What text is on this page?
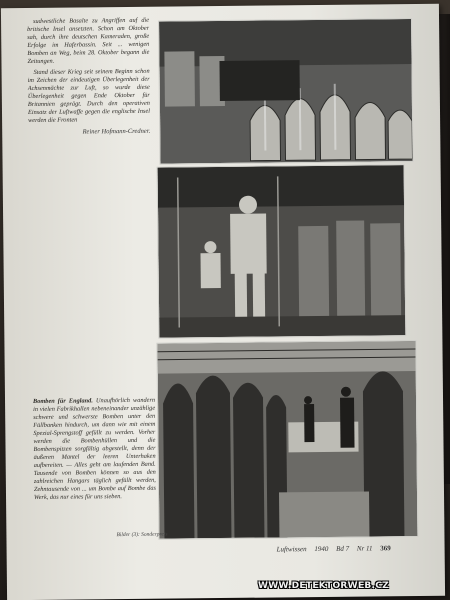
sudwestliche Basalte zu Angriffen auf die britische Insel ansetzten. Schon am Oktober sah, durch ihre deutschen Kameraden, große Erfolge im Haferbassin. Seit ... wenigen Bomben an Weg, beim 28. Oktober begann die Zeitungen.

Stand dieser Krieg seit seinem Beginn schon im Zeichen der eindeutigen Überlegenheit der Achsenmächte zur Luft, so wurde diese Überlegenheit gegen Ende Oktober für Britannien geprägt. Durch den operativen Einsatz der Luftwaffe gegen die englische Insel werden die Fronten

Reiner Hofmann-Credner.
Bomben für England. Unaufhörlich wandern in vielen Fabrikhallen nebeneinander unzählige schwere und schwerste Bomben unter den Füllbanken hindurch, um dann wie mit einem Spezial-Sprengstoff gefüllt zu werden. Vorher werden die Bombenhüllen und die Bombenspitzen sorgfältig abgestellt, denn der äußeren Mantel der leeren Unterhaken aufbereiten. — Alles geht am laufenden Band. Tausende von Bomben können so aus den zahlreichen Hangars täglich gefüllt werden, Zehntausende von ... um Bombe auf Bombe das Werk, das nur eines für uns sieben.
Bilder (3): Sonderpreis
Luftwissen 1940 Bd 7 Nr 11 369
WWW.DETEKTORWEB.CZ
